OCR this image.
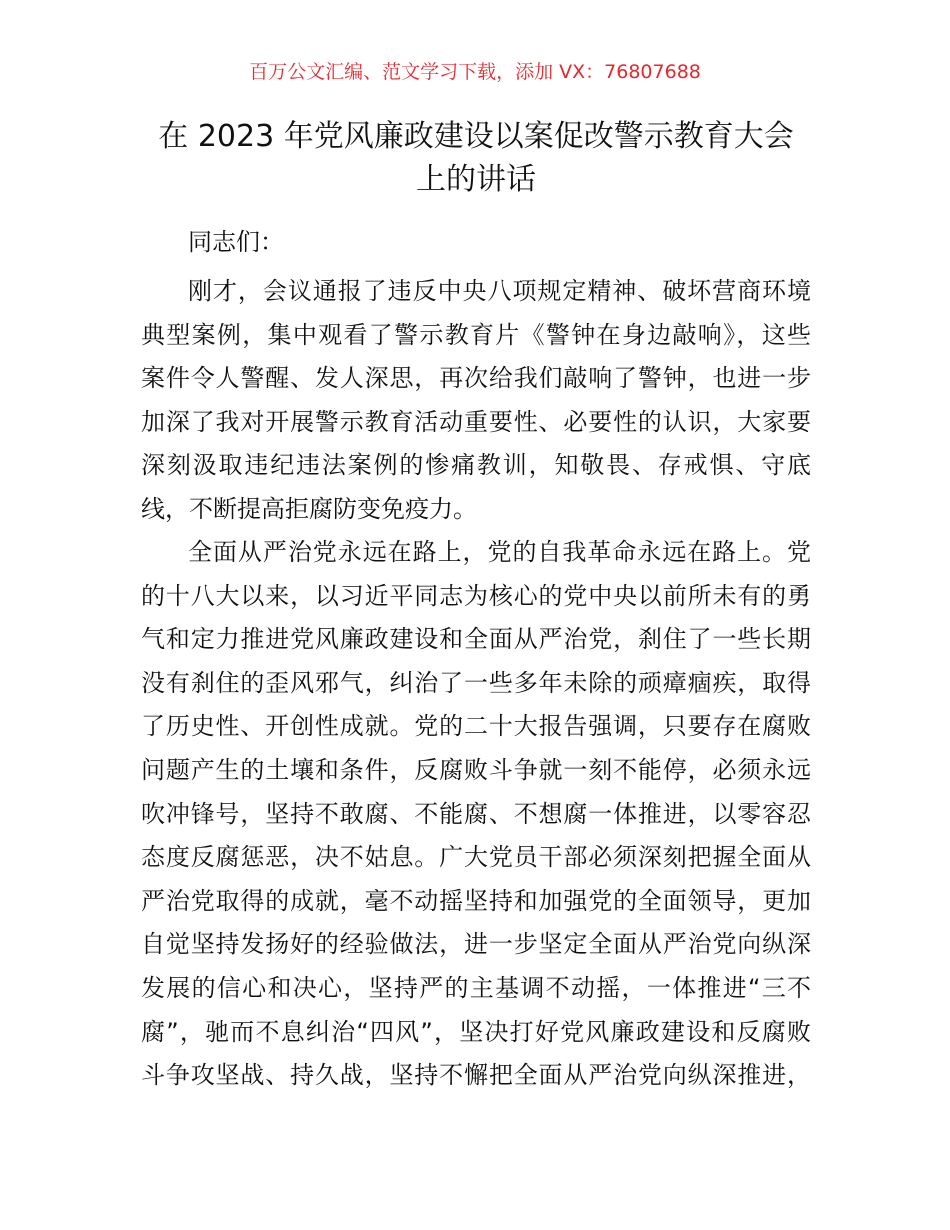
百万公文汇编、范文学习下载，添加 VX：76807688
在 2023 年党风廉政建设以案促改警示教育大会
上的讲话
同志们：
刚才，会议通报了违反中央八项规定精神、破坏营商环境
典型案例，集中观看了警示教育片《警钟在身边敲响》，这些
案件令人警醒、发人深思，再次给我们敲响了警钟，也进一步
加深了我对开展警示教育活动重要性、必要性的认识，大家要
深刻汲取违纪违法案例的惨痛教训，知敬畏、存戒惧、守底
线，不断提高拒腐防变免疫力。
全面从严治党永远在路上，党的自我革命永远在路上。党
的十八大以来，以习近平同志为核心的党中央以前所未有的勇
气和定力推进党风廉政建设和全面从严治党，刹住了一些长期
没有刹住的歪风邪气，纠治了一些多年未除的顽瘴痼疾，取得
了历史性、开创性成就。党的二十大报告强调，只要存在腐败
问题产生的土壤和条件，反腐败斗争就一刻不能停，必须永远
吹冲锋号，坚持不敢腐、不能腐、不想腐一体推进，以零容忍
态度反腐惩恶，决不姑息。广大党员干部必须深刻把握全面从
严治党取得的成就，毫不动摇坚持和加强党的全面领导，更加
自觉坚持发扬好的经验做法，进一步坚定全面从严治党向纵深
发展的信心和决心，坚持严的主基调不动摇，一体推进“三不
腐”，驰而不息纠治“四风”，坚决打好党风廉政建设和反腐败
斗争攻坚战、持久战，坚持不懈把全面从严治党向纵深推进，
